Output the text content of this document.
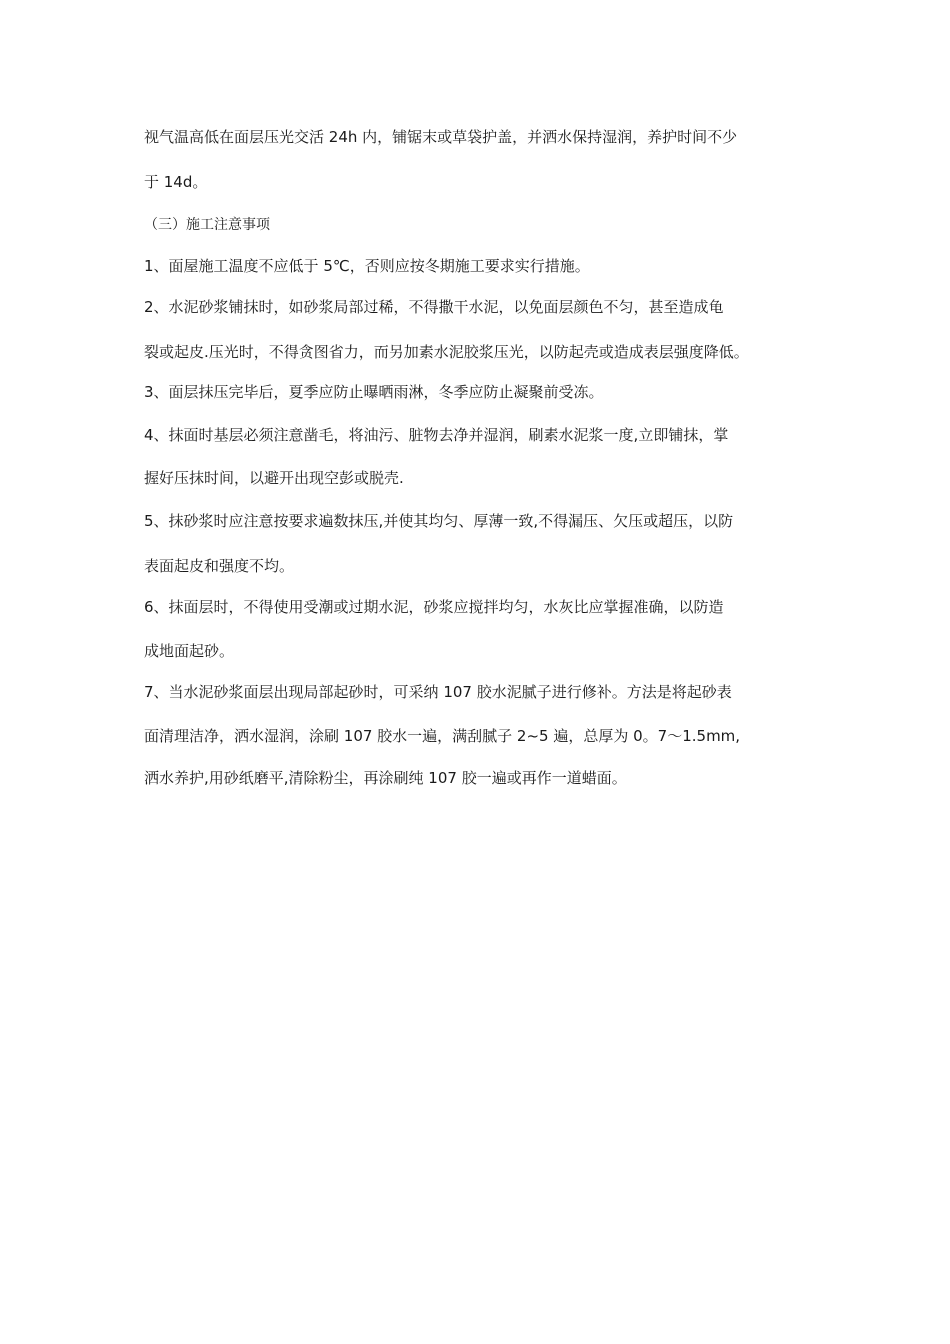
视气温高低在面层压光交活 24h 内，铺锯末或草袋护盖，并洒水保持湿润，养护时间不少
于 14d。
（三）施工注意事项
1、面屋施工温度不应低于 5℃，否则应按冬期施工要求实行措施。
2、水泥砂浆铺抹时，如砂浆局部过稀，不得撒干水泥，以免面层颜色不匀，甚至造成龟
裂或起皮.压光时，不得贪图省力，而另加素水泥胶浆压光，以防起壳或造成表层强度降低。
3、面层抹压完毕后，夏季应防止曝晒雨淋，冬季应防止凝聚前受冻。
4、抹面时基层必须注意凿毛，将油污、脏物去净并湿润，刷素水泥浆一度,立即铺抹，掌
握好压抹时间，以避开出现空彭或脱壳.
5、抹砂浆时应注意按要求遍数抹压,并使其均匀、厚薄一致,不得漏压、欠压或超压，以防
表面起皮和强度不均。
6、抹面层时，不得使用受潮或过期水泥，砂浆应搅拌均匀，水灰比应掌握准确，以防造
成地面起砂。
7、当水泥砂浆面层出现局部起砂时，可采纳 107 胶水泥腻子进行修补。方法是将起砂表
面清理洁净，洒水湿润，涂刷 107 胶水一遍，满刮腻子 2~5 遍，总厚为 0。7～1.5mm,
洒水养护,用砂纸磨平,清除粉尘，再涂刷纯 107 胶一遍或再作一道蜡面。
